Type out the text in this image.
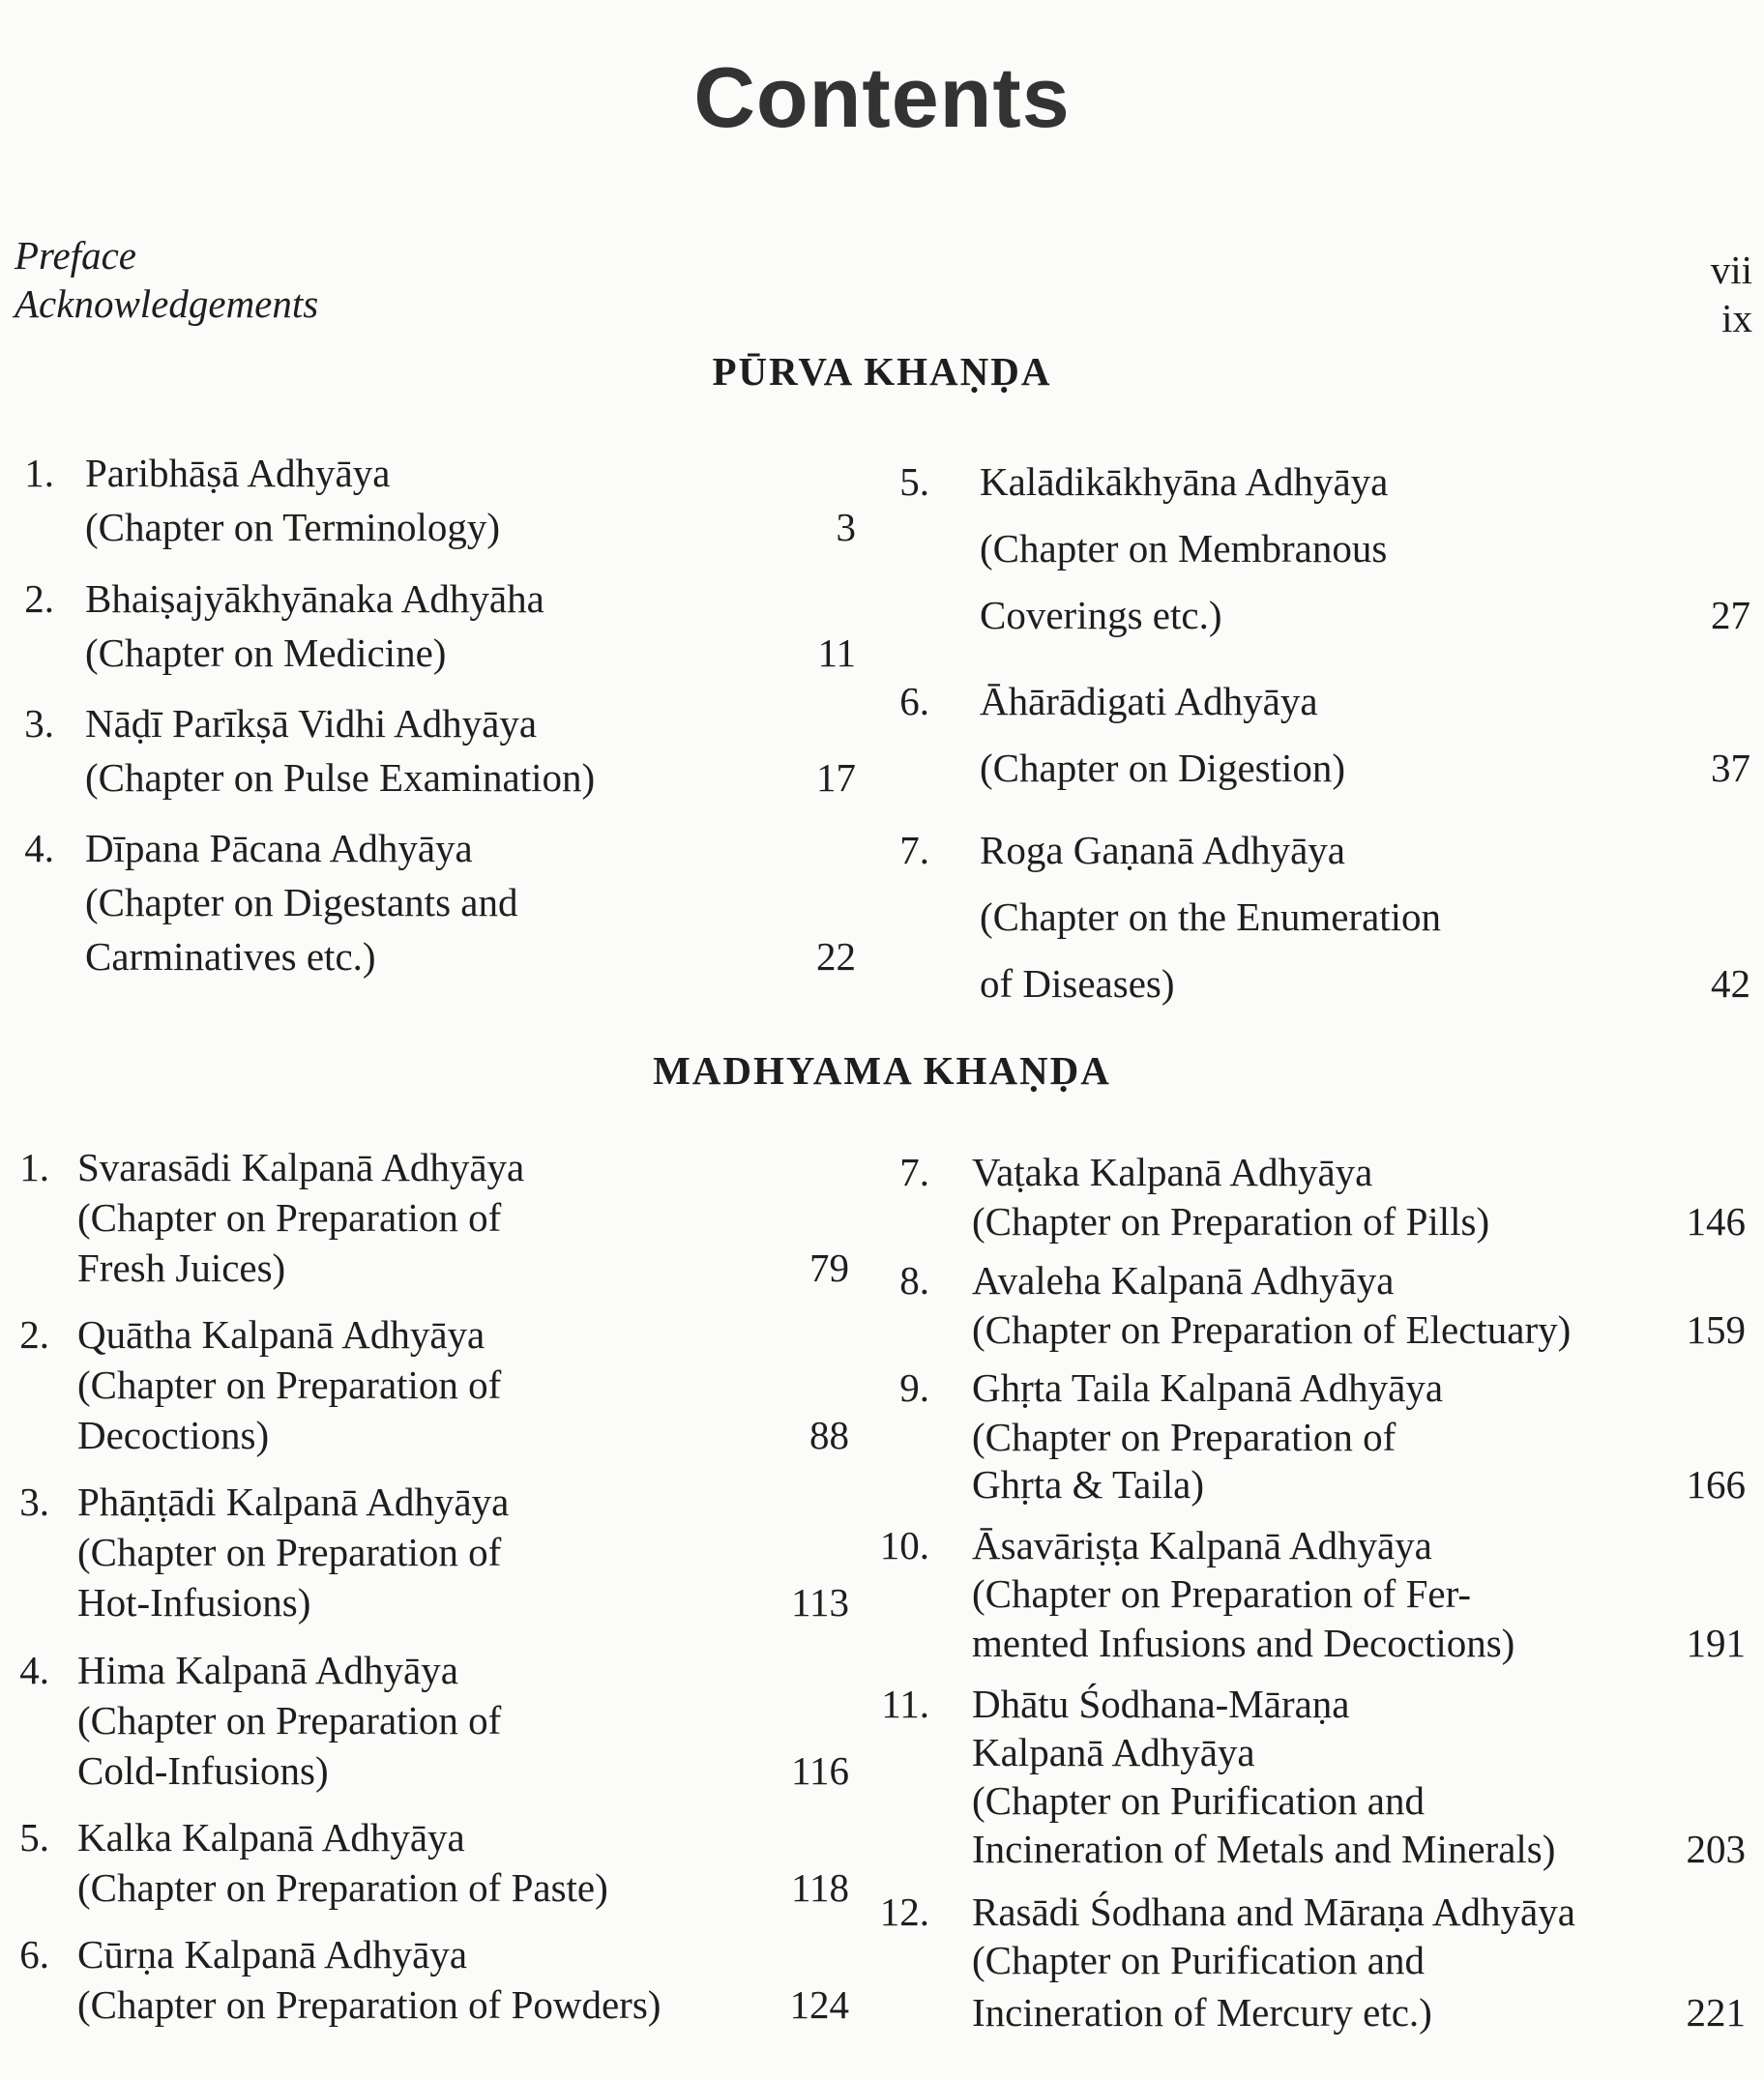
Contents
Preface	vii
Acknowledgements	ix
PŪRVA KHAṆḌA
MADHYAMA KHAṆḌA
1. Paribhāṣā Adhyāya
(Chapter on Terminology)	3
2. Bhaiṣajyākhyānaka Adhyāha
(Chapter on Medicine)	11
3. Nāḍī Parīkṣā Vidhi Adhyāya
(Chapter on Pulse Examination)	17
4. Dīpana Pācana Adhyāya
(Chapter on Digestants and
Carminatives etc.)	22
5. Kalādikākhyāna Adhyāya
(Chapter on Membranous
Coverings etc.)	27
6. Āhārādigati Adhyāya
(Chapter on Digestion)	37
7. Roga Gaṇanā Adhyāya
(Chapter on the Enumeration
of Diseases)	42
1. Svarasādi Kalpanā Adhyāya
(Chapter on Preparation of
Fresh Juices)	79
2. Quātha Kalpanā Adhyāya
(Chapter on Preparation of
Decoctions)	88
3. Phāṇṭādi Kalpanā Adhyāya
(Chapter on Preparation of
Hot-Infusions)	113
4. Hima Kalpanā Adhyāya
(Chapter on Preparation of
Cold-Infusions)	116
5. Kalka Kalpanā Adhyāya
(Chapter on Preparation of Paste)	118
6. Cūrṇa Kalpanā Adhyāya
(Chapter on Preparation of Powders)	124
7. Vaṭaka Kalpanā Adhyāya
(Chapter on Preparation of Pills)	146
8. Avaleha Kalpanā Adhyāya
(Chapter on Preparation of Electuary)	159
9. Ghṛta Taila Kalpanā Adhyāya
(Chapter on Preparation of
Ghṛta & Taila)	166
10. Āsavāriṣṭa Kalpanā Adhyāya
(Chapter on Preparation of Fer-
mented Infusions and Decoctions)	191
11. Dhātu Śodhana-Māraṇa
Kalpanā Adhyāya
(Chapter on Purification and
Incineration of Metals and Minerals)	203
12. Rasādi Śodhana and Māraṇa Adhyāya
(Chapter on Purification and
Incineration of Mercury etc.)	221
